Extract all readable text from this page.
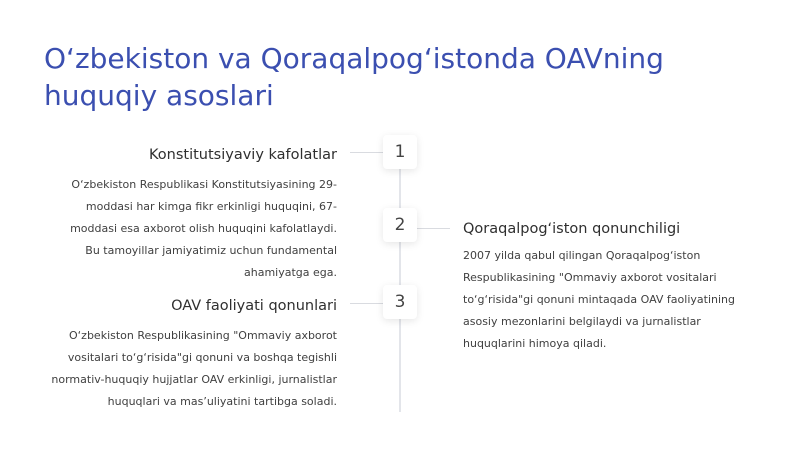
O‘zbekiston va Qoraqalpog‘istonda OAVning huquqiy asoslari
1
Konstitutsiyaviy kafolatlar

O‘zbekiston Respublikasi Konstitutsiyasining 29-moddasi har kimga fikr erkinligi huquqini, 67-moddasi esa axborot olish huquqini kafolatlaydi. Bu tamoyillar jamiyatimiz uchun fundamental ahamiyatga ega.

2	Qoraqalpog‘iston qonunchiligi

2007 yilda qabul qilingan Qoraqalpog‘iston Respublikasining "Ommaviy axborot vositalari to‘g‘risida"gi qonuni mintaqada OAV faoliyatining asosiy mezonlarini belgilaydi va jurnalistlar huquqlarini himoya qiladi.

3
OAV faoliyati qonunlari

O‘zbekiston Respublikasining "Ommaviy axborot vositalari to‘g‘risida"gi qonuni va boshqa tegishli normativ-huquqiy hujjatlar OAV erkinligi, jurnalistlar huquqlari va mas’uliyatini tartibga soladi.
